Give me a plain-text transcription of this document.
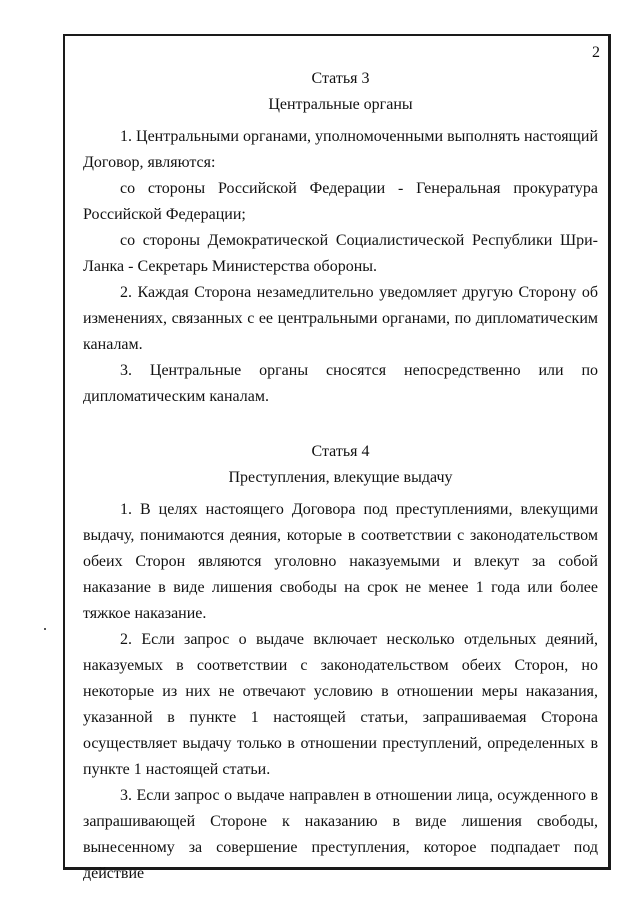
2
Статья 3
Центральные органы
1. Центральными органами, уполномоченными выполнять настоящий Договор, являются:
со стороны Российской Федерации - Генеральная прокуратура Российской Федерации;
со стороны Демократической Социалистической Республики Шри-Ланка - Секретарь Министерства обороны.
2. Каждая Сторона незамедлительно уведомляет другую Сторону об изменениях, связанных с ее центральными органами, по дипломатическим каналам.
3. Центральные органы сносятся непосредственно или по дипломатическим каналам.
Статья 4
Преступления, влекущие выдачу
1. В целях настоящего Договора под преступлениями, влекущими выдачу, понимаются деяния, которые в соответствии с законодательством обеих Сторон являются уголовно наказуемыми и влекут за собой наказание в виде лишения свободы на срок не менее 1 года или более тяжкое наказание.
2. Если запрос о выдаче включает несколько отдельных деяний, наказуемых в соответствии с законодательством обеих Сторон, но некоторые из них не отвечают условию в отношении меры наказания, указанной в пункте 1 настоящей статьи, запрашиваемая Сторона осуществляет выдачу только в отношении преступлений, определенных в пункте 1 настоящей статьи.
3. Если запрос о выдаче направлен в отношении лица, осужденного в запрашивающей Стороне к наказанию в виде лишения свободы, вынесенному за совершение преступления, которое подпадает под действие
